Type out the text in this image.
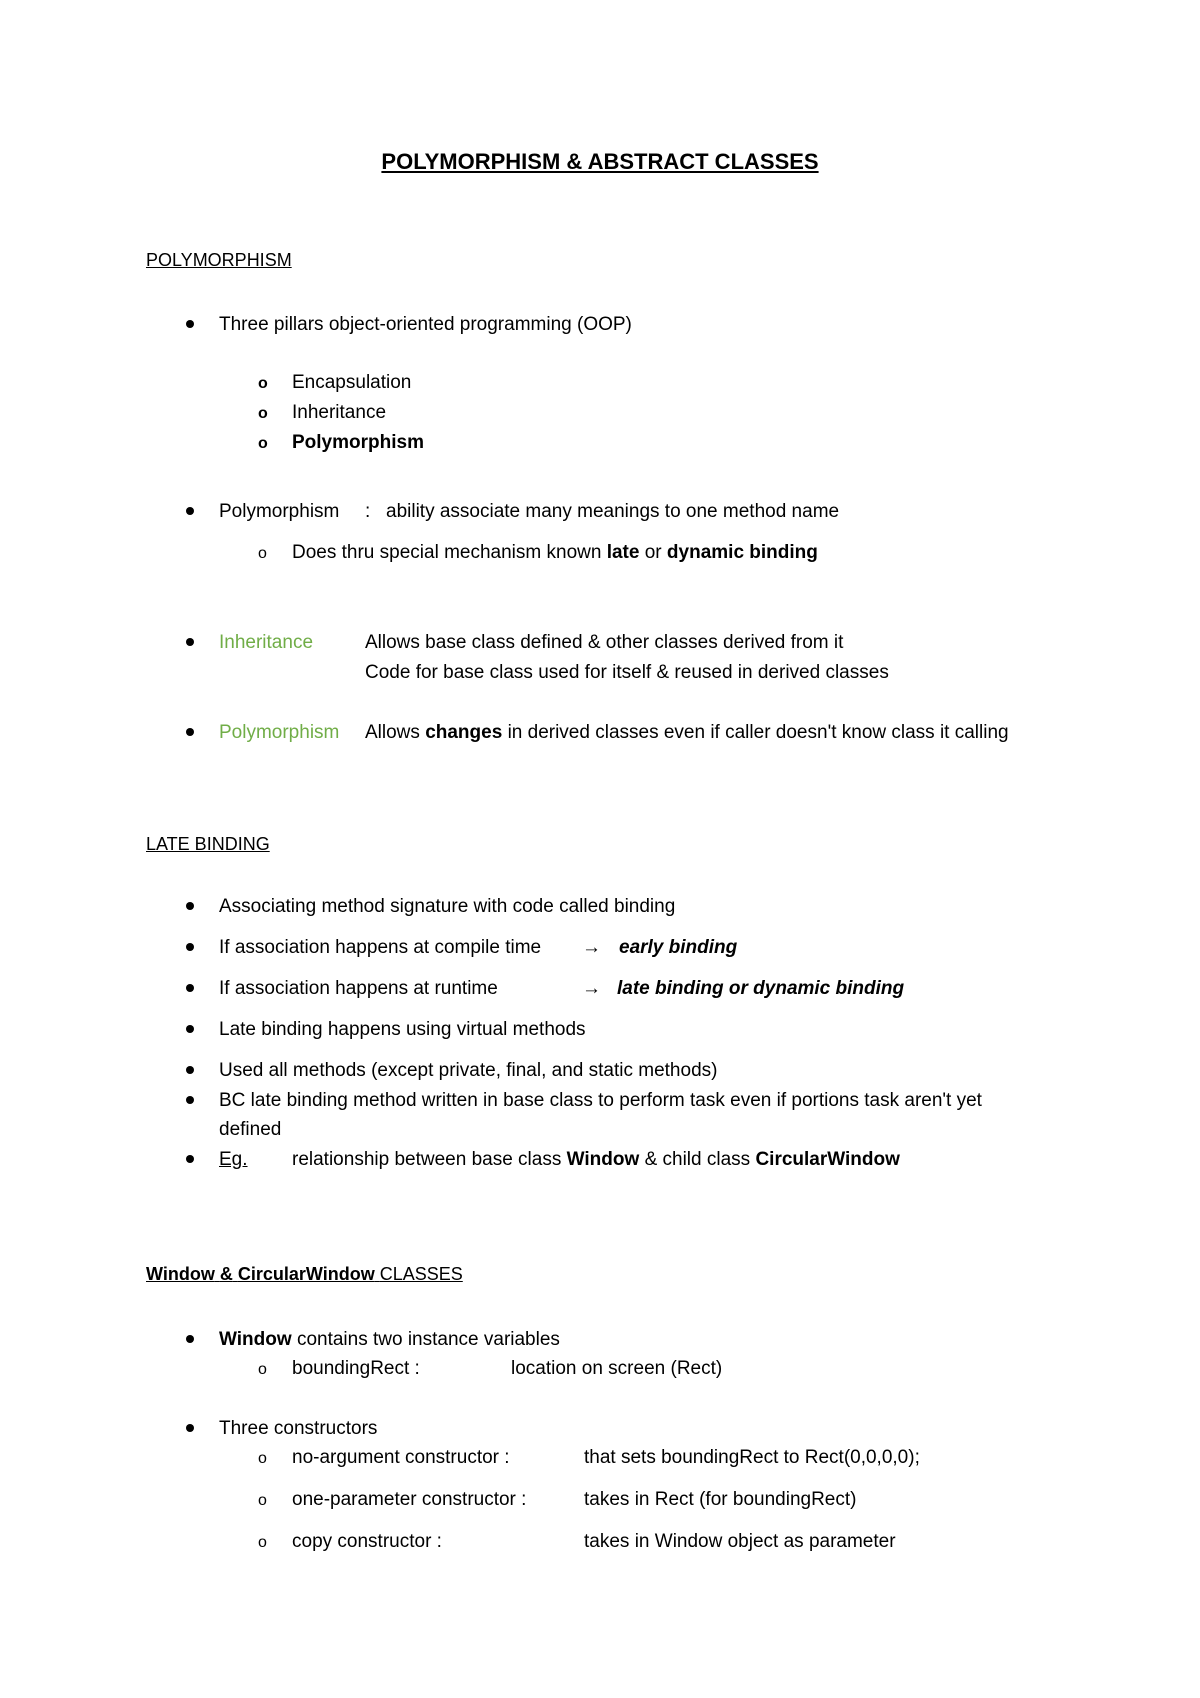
POLYMORPHISM & ABSTRACT CLASSES
POLYMORPHISM
Three pillars object-oriented programming (OOP)
o Encapsulation
o Inheritance
o Polymorphism
Polymorphism : ability associate many meanings to one method name
o Does thru special mechanism known late or dynamic binding
Inheritance	Allows base class defined & other classes derived from it
Code for base class used for itself & reused in derived classes
Polymorphism Allows changes in derived classes even if caller doesn't know class it calling
LATE BINDING
Associating method signature with code called binding
If association happens at compile time → early binding
If association happens at runtime	→ late binding or dynamic binding
Late binding happens using virtual methods
Used all methods (except private, final, and static methods)
BC late binding method written in base class to perform task even if portions task aren't yet
defined
Eg. relationship between base class Window & child class CircularWindow
Window & CircularWindow CLASSES
Window contains two instance variables
o boundingRect :	location on screen (Rect)
Three constructors
o no-argument constructor :	that sets boundingRect to Rect(0,0,0,0);
o one-parameter constructor :	takes in Rect (for boundingRect)
o copy constructor :	takes in Window object as parameter
